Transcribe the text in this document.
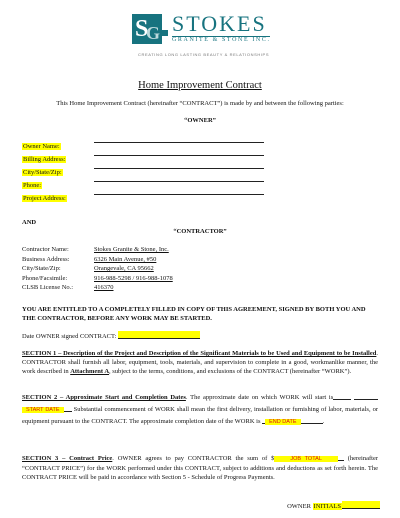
S
G STOKES
GRANITE & STONE INC.
CREATING LONG LASTING BEAUTY & RELATIONSHIPS
Home Improvement Contract
This Home Improvement Contract (hereinafter “CONTRACT”) is made by and between the following parties:
“OWNER”
Owner Name:
Billing Address:
City/State/Zip:
Phone:
Project Address:
AND
“CONTRACTOR”
Contractor Name:	Stokes Granite & Stone, Inc.
Business Address:	6326 Main Avenue, #50
City/State/Zip:	Orangevale, CA 95662
Phone/Facsimile:	916-988-5298 / 916-988-1078
CLSB License No.:	416370
YOU ARE ENTITLED TO A COMPLETELY FILLED IN COPY OF THIS AGREEMENT, SIGNED BY BOTH YOU AND THE CONTRACTOR, BEFORE ANY WORK MAY BE STARTED.
Date OWNER signed CONTRACT:
SECTION 1 – Description of the Project and Description of the Significant Materials to be Used and Equipment to be Installed. CONTRACTOR shall furnish all labor, equipment, tools, materials, and supervision to complete in a good, workmanlike manner, the work described in Attachment A, subject to the terms, conditions, and exclusions of the CONTRACT (hereinafter “WORK”).
SECTION 2 – Approximate Start and Completion Dates. The approximate date on which WORK will start is START DATE Substantial commencement of WORK shall mean the first delivery, installation or furnishing of labor, materials, or equipment pursuant to the CONTRACT. The approximate completion date of the WORK is END DATE	.
SECTION 3 – Contract Price. OWNER agrees to pay CONTRACTOR the sum of $	JOB TOTAL	(hereinafter “CONTRACT PRICE”) for the WORK performed under this CONTRACT, subject to additions and deductions as set forth herein. The CONTRACT PRICE will be paid in accordance with Section 5 - Schedule of Progress Payments.
OWNER INITIALS
